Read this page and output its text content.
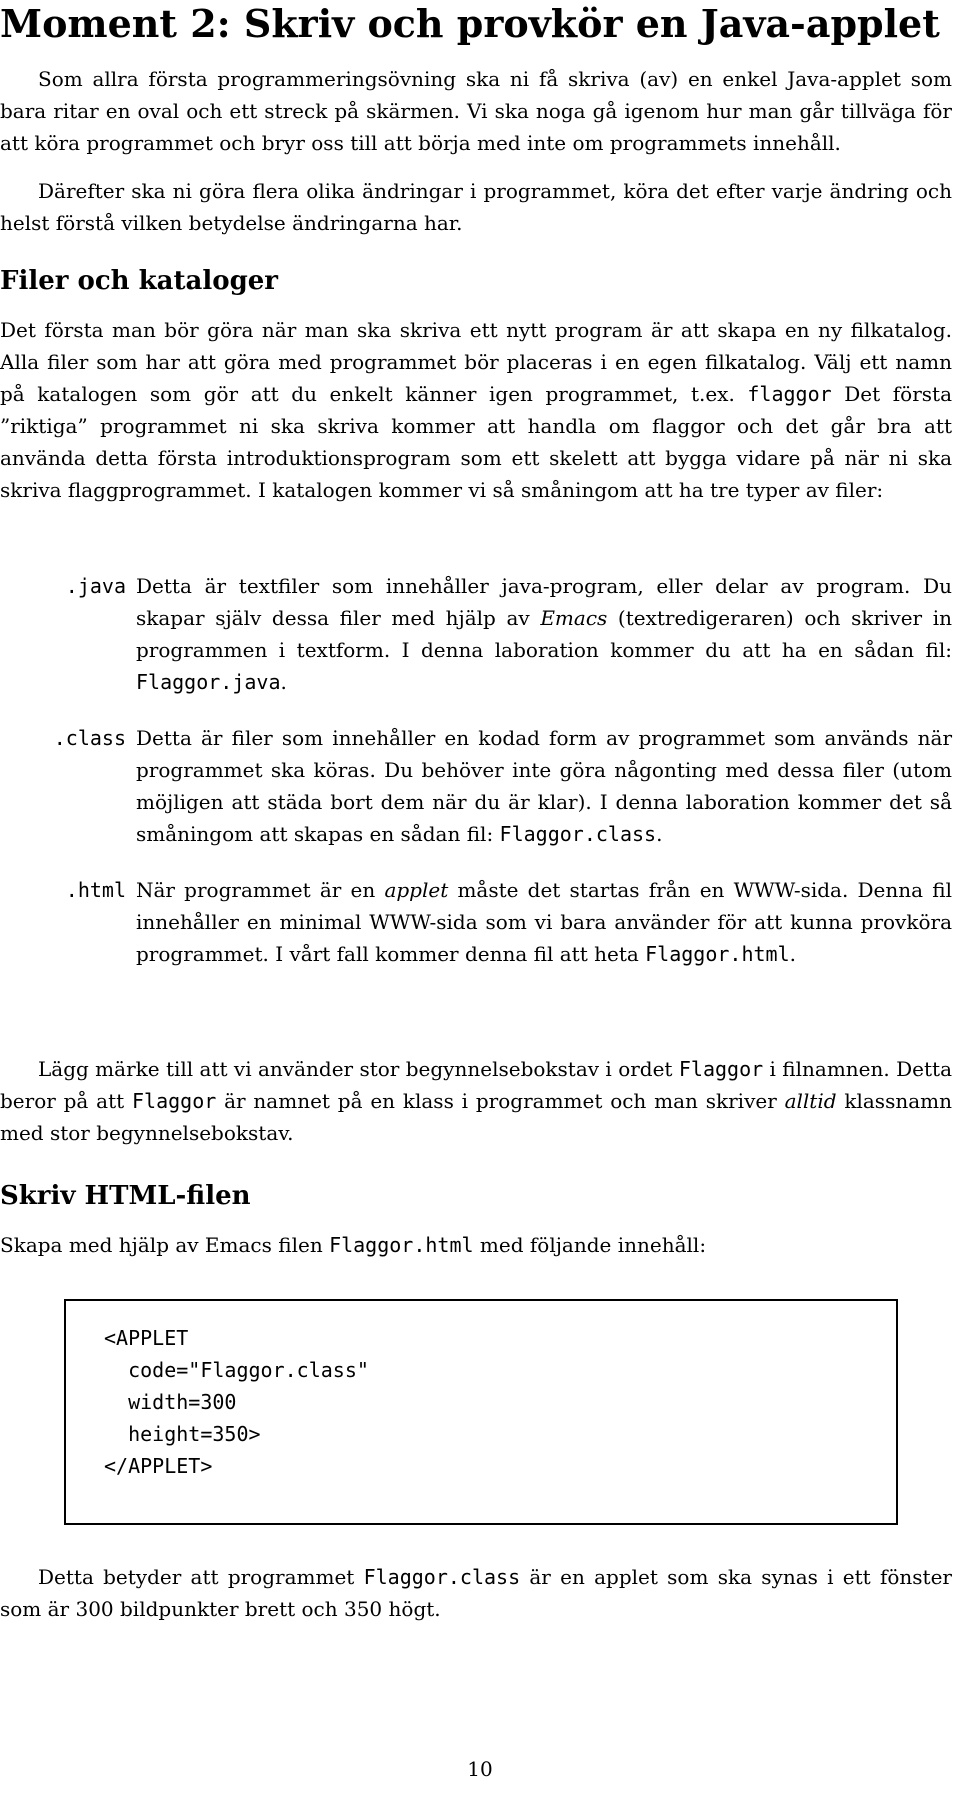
Moment 2: Skriv och provkör en Java-applet

Som allra första programmeringsövning ska ni få skriva (av) en enkel Java-applet som bara ritar en oval och ett streck på skärmen. Vi ska noga gå igenom hur man går tillväga för att köra programmet och bryr oss till att börja med inte om programmets innehåll.

Därefter ska ni göra flera olika ändringar i programmet, köra det efter varje ändring och helst förstå vilken betydelse ändringarna har.

Filer och kataloger

Det första man bör göra när man ska skriva ett nytt program är att skapa en ny filkatalog. Alla filer som har att göra med programmet bör placeras i en egen filkatalog. Välj ett namn på katalogen som gör att du enkelt känner igen programmet, t.ex. flaggor Det första ”riktiga” programmet ni ska skriva kommer att handla om flaggor och det går bra att använda detta första introduktionsprogram som ett skelett att bygga vidare på när ni ska skriva flaggprogrammet. I katalogen kommer vi så småningom att ha tre typer av filer:

.java Detta är textfiler som innehåller java-program, eller delar av program. Du skapar själv dessa filer med hjälp av Emacs (textredigeraren) och skriver in programmen i textform. I denna laboration kommer du att ha en sådan fil: Flaggor.java.
.class Detta är filer som innehåller en kodad form av programmet som används när programmet ska köras. Du behöver inte göra någonting med dessa filer (utom möjligen att städa bort dem när du är klar). I denna laboration kommer det så småningom att skapas en sådan fil: Flaggor.class.
.html När programmet är en applet måste det startas från en WWW-sida. Denna fil innehåller en minimal WWW-sida som vi bara använder för att kunna provköra programmet. I vårt fall kommer denna fil att heta Flaggor.html.

Lägg märke till att vi använder stor begynnelsebokstav i ordet Flaggor i filnamnen. Detta beror på att Flaggor är namnet på en klass i programmet och man skriver alltid klassnamn med stor begynnelsebokstav.

Skriv HTML-filen

Skapa med hjälp av Emacs filen Flaggor.html med följande innehåll:

<APPLET
code="Flaggor.class"
width=300
height=350>
</APPLET>

Detta betyder att programmet Flaggor.class är en applet som ska synas i ett fönster som är 300 bildpunkter brett och 350 högt.

10
